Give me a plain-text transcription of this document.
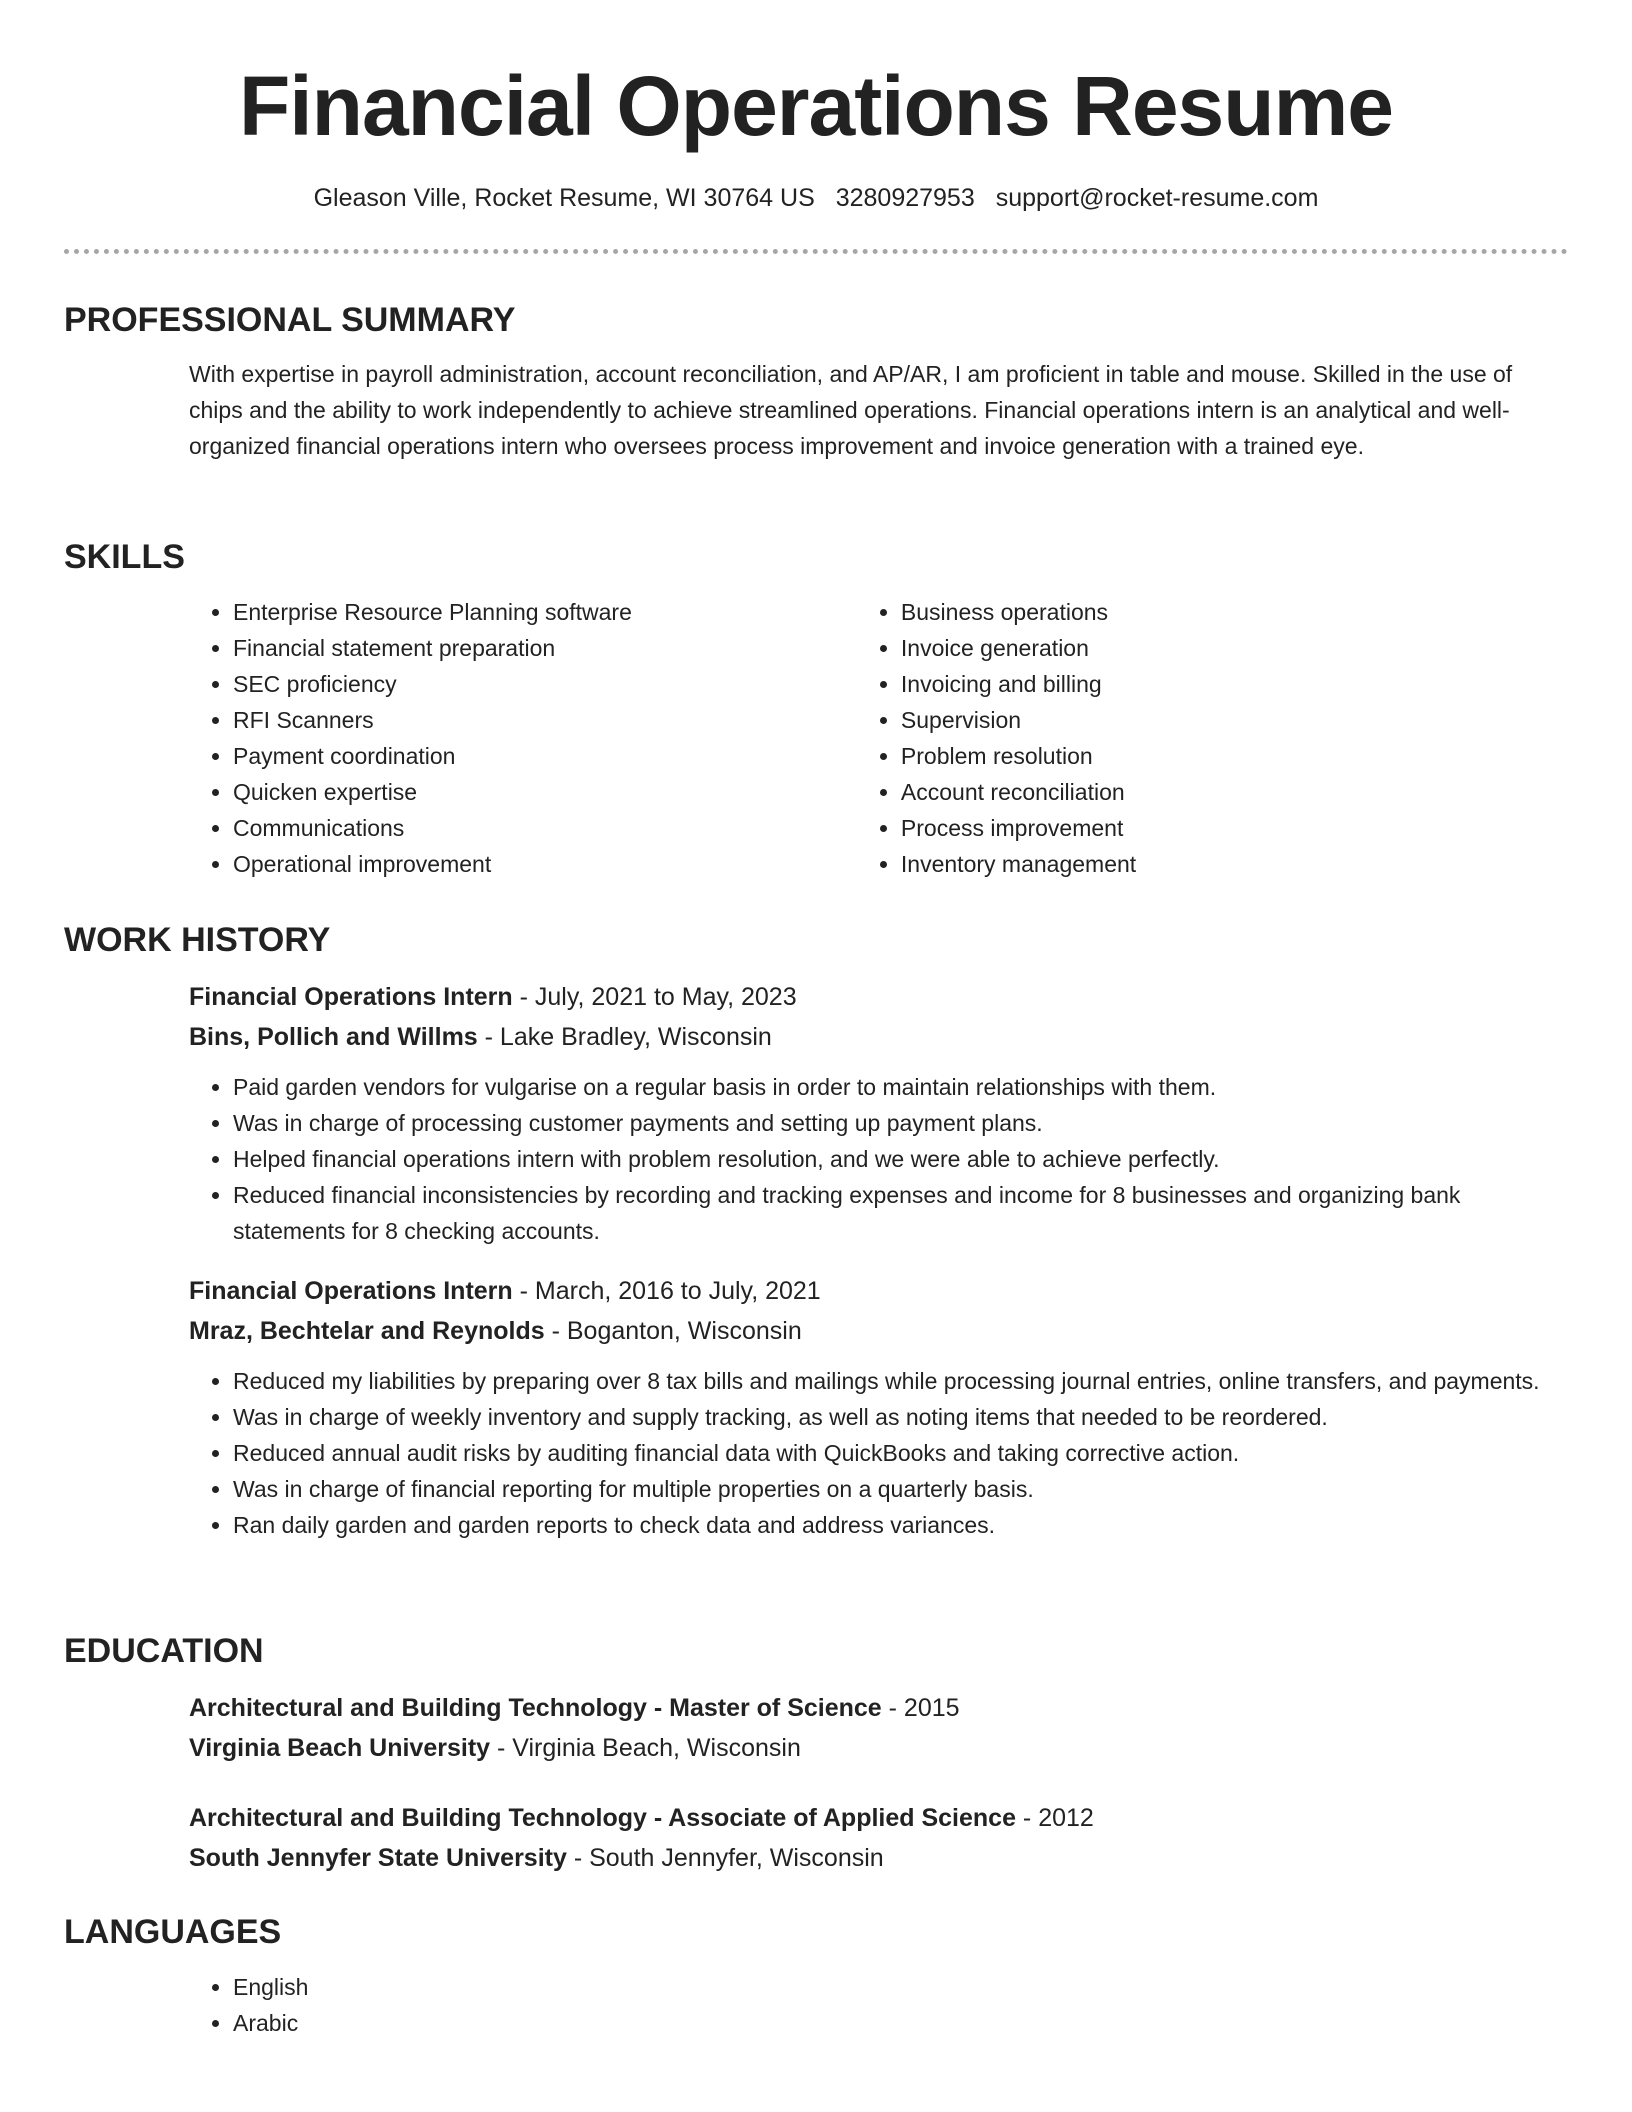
Financial Operations Resume
Gleason Ville, Rocket Resume, WI 30764 US 3280927953 support@rocket-resume.com
PROFESSIONAL SUMMARY

With expertise in payroll administration, account reconciliation, and AP/AR, I am proficient in table and mouse. Skilled in the use of chips and the ability to work independently to achieve streamlined operations. Financial operations intern is an analytical and well-organized financial operations intern who oversees process improvement and invoice generation with a trained eye.

SKILLS
• Enterprise Resource Planning software
• Financial statement preparation
• SEC proficiency
• RFI Scanners
• Payment coordination
• Quicken expertise
• Communications
• Operational improvement
• Business operations
• Invoice generation
• Invoicing and billing
• Supervision
• Problem resolution
• Account reconciliation
• Process improvement
• Inventory management
WORK HISTORY
Financial Operations Intern - July, 2021 to May, 2023
Bins, Pollich and Willms - Lake Bradley, Wisconsin
• Paid garden vendors for vulgarise on a regular basis in order to maintain relationships with them.
• Was in charge of processing customer payments and setting up payment plans.
• Helped financial operations intern with problem resolution, and we were able to achieve perfectly.
• Reduced financial inconsistencies by recording and tracking expenses and income for 8 businesses and organizing bank statements for 8 checking accounts.
Financial Operations Intern - March, 2016 to July, 2021
Mraz, Bechtelar and Reynolds - Boganton, Wisconsin
• Reduced my liabilities by preparing over 8 tax bills and mailings while processing journal entries, online transfers, and payments.
• Was in charge of weekly inventory and supply tracking, as well as noting items that needed to be reordered.
• Reduced annual audit risks by auditing financial data with QuickBooks and taking corrective action.
• Was in charge of financial reporting for multiple properties on a quarterly basis.
• Ran daily garden and garden reports to check data and address variances.
EDUCATION
Architectural and Building Technology - Master of Science - 2015
Virginia Beach University - Virginia Beach, Wisconsin
Architectural and Building Technology - Associate of Applied Science - 2012
South Jennyfer State University - South Jennyfer, Wisconsin
LANGUAGES
• English
• Arabic
